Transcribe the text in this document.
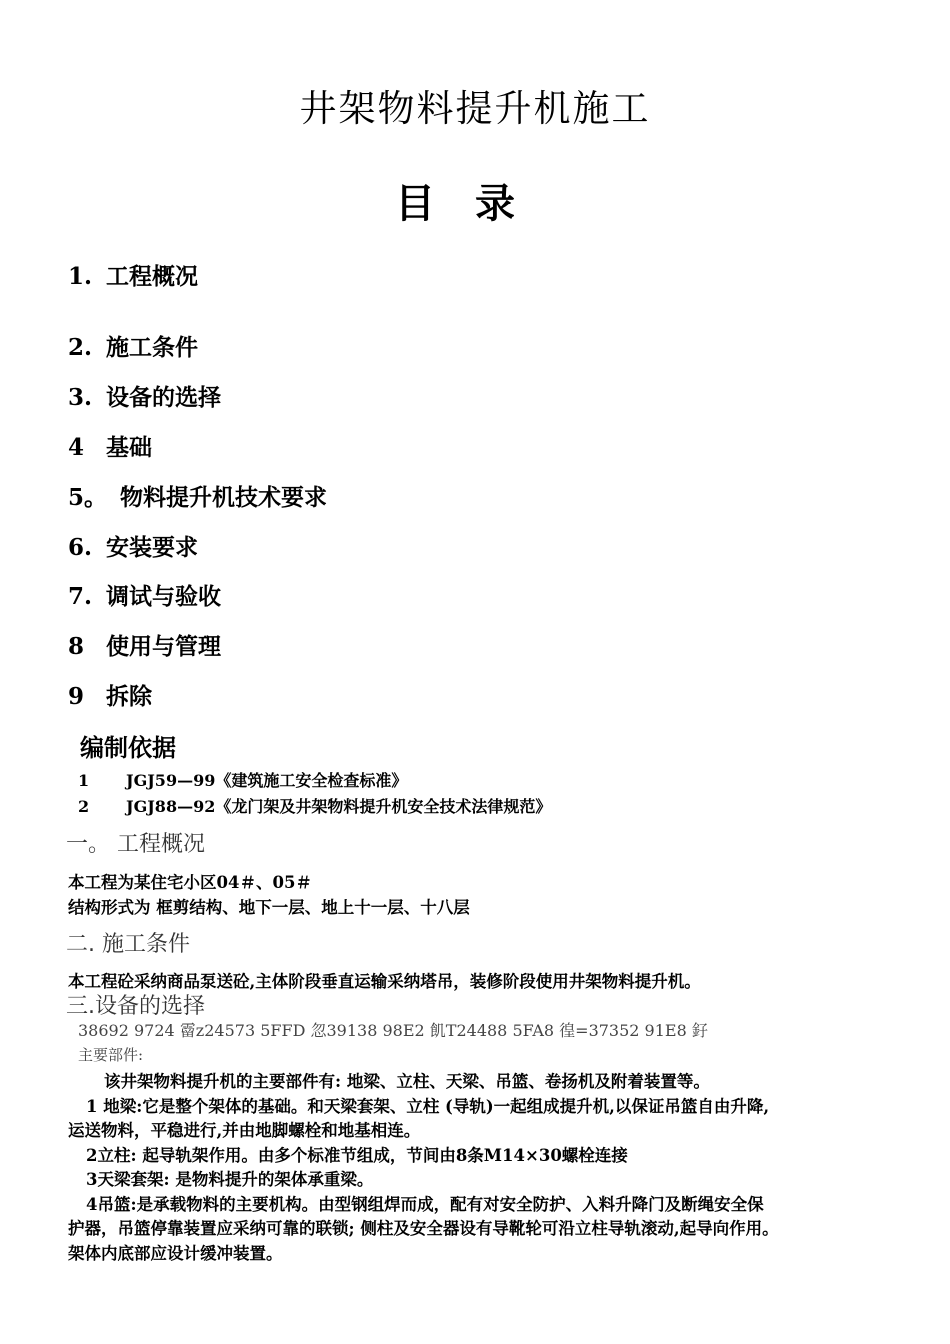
井架物料提升机施工
目录
1. 工程概况
2. 施工条件
3. 设备的选择
4 基础
5。 物料提升机技术要求
6. 安装要求
7. 调试与验收
8 使用与管理
9 拆除
编制依据
1 JGJ59—99《建筑施工安全检查标准》
2 JGJ88—92《龙门架及井架物料提升机安全技术法律规范》
一。 工程概况
本工程为某住宅小区04＃、05＃
结构形式为 框剪结构、地下一层、地上十一层、十八层
二. 施工条件
本工程砼采纳商品泵送砼,主体阶段垂直运输采纳塔吊，装修阶段使用井架物料提升机。
三.设备的选择
38692 9724 霤z24573 5FFD 忽39138 98E2 飢T24488 5FA8 徨=37352 91E8 釨
主要部件:
该井架物料提升机的主要部件有: 地梁、立柱、天梁、吊篮、卷扬机及附着装置等。
1 地梁:它是整个架体的基础。和天梁套架、立柱 (导轨)一起组成提升机,以保证吊篮自由升降,
运送物料，平稳进行,并由地脚螺栓和地基相连。
2立柱: 起导轨架作用。由多个标准节组成，节间由8条M14×30螺栓连接
3天梁套架: 是物料提升的架体承重梁。
4吊篮:是承载物料的主要机构。由型钢组焊而成，配有对安全防护、入料升降门及断绳安全保
护器，吊篮停靠装置应采纳可靠的联锁; 侧柱及安全器设有导靴轮可沿立柱导轨滚动,起导向作用。
架体内底部应设计缓冲装置。
